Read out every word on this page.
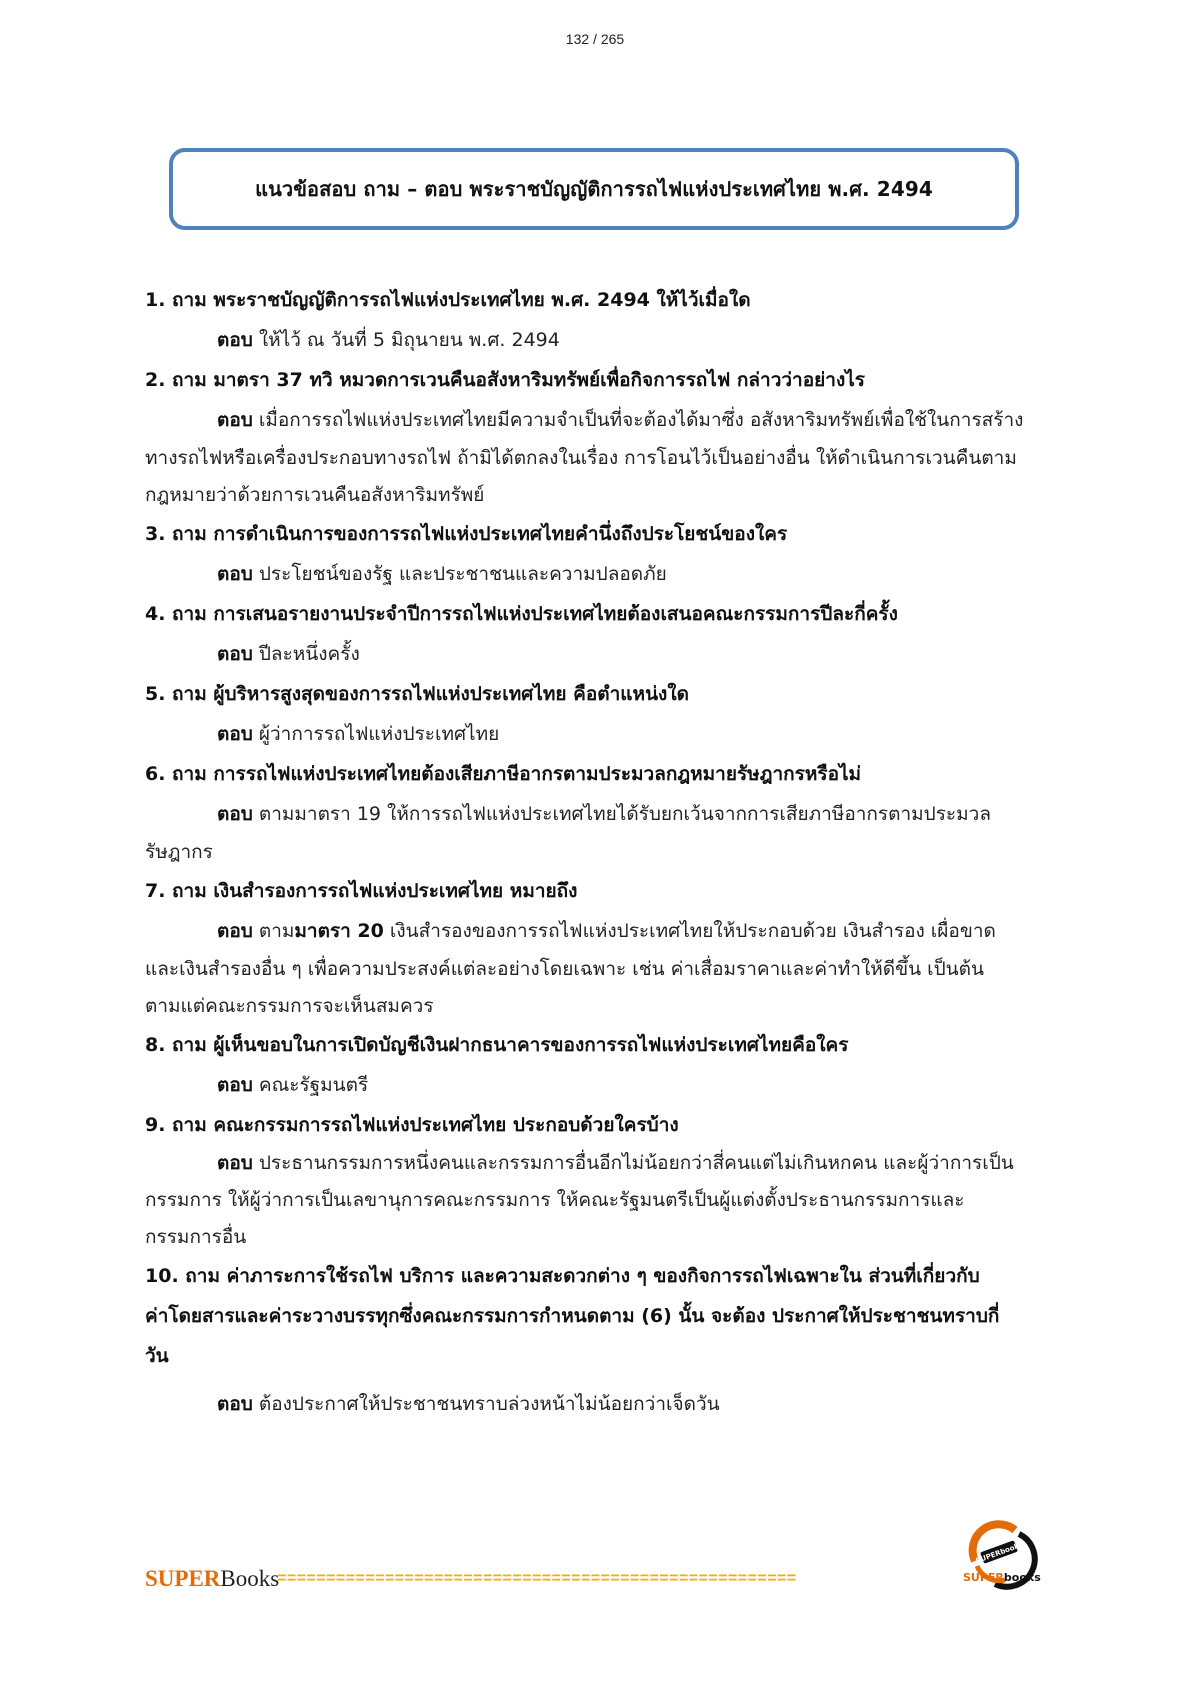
132 / 265
แนวข้อสอบ ถาม – ตอบ พระราชบัญญัติการรถไฟแห่งประเทศไทย พ.ศ. 2494

1. ถาม พระราชบัญญัติการรถไฟแห่งประเทศไทย พ.ศ. 2494 ให้ไว้เมื่อใด

ตอบ ให้ไว้ ณ วันที่ 5 มิถุนายน พ.ศ. 2494

2. ถาม มาตรา 37 ทวิ หมวดการเวนคืนอสังหาริมทรัพย์เพื่อกิจการรถไฟ กล่าวว่าอย่างไร

ตอบ เมื่อการรถไฟแห่งประเทศไทยมีความจำเป็นที่จะต้องได้มาซึ่ง อสังหาริมทรัพย์เพื่อใช้ในการสร้าง

ทางรถไฟหรือเครื่องประกอบทางรถไฟ ถ้ามิได้ตกลงในเรื่อง การโอนไว้เป็นอย่างอื่น ให้ดำเนินการเวนคืนตาม

กฎหมายว่าด้วยการเวนคืนอสังหาริมทรัพย์

3. ถาม การดำเนินการของการรถไฟแห่งประเทศไทยคำนึ่งถึงประโยชน์ของใคร

ตอบ ประโยชน์ของรัฐ และประชาชนและความปลอดภัย

4. ถาม การเสนอรายงานประจำปีการรถไฟแห่งประเทศไทยต้องเสนอคณะกรรมการปีละกี่ครั้ง

ตอบ ปีละหนึ่งครั้ง

5. ถาม ผู้บริหารสูงสุดของการรถไฟแห่งประเทศไทย คือตำแหน่งใด

ตอบ ผู้ว่าการรถไฟแห่งประเทศไทย

6. ถาม การรถไฟแห่งประเทศไทยต้องเสียภาษีอากรตามประมวลกฎหมายรัษฎากรหรือไม่

ตอบ ตามมาตรา 19 ให้การรถไฟแห่งประเทศไทยได้รับยกเว้นจากการเสียภาษีอากรตามประมวล

รัษฎากร

7. ถาม เงินสำรองการรถไฟแห่งประเทศไทย หมายถึง

ตอบ ตามมาตรา 20 เงินสำรองของการรถไฟแห่งประเทศไทยให้ประกอบด้วย เงินสำรอง เผื่อขาด

และเงินสำรองอื่น ๆ เพื่อความประสงค์แต่ละอย่างโดยเฉพาะ เช่น ค่าเสื่อมราคาและค่าทำให้ดีขึ้น เป็นต้น

ตามแต่คณะกรรมการจะเห็นสมควร

8. ถาม ผู้เห็นขอบในการเปิดบัญชีเงินฝากธนาคารของการรถไฟแห่งประเทศไทยคือใคร

ตอบ คณะรัฐมนตรี

9. ถาม คณะกรรมการรถไฟแห่งประเทศไทย ประกอบด้วยใครบ้าง

ตอบ ประธานกรรมการหนึ่งคนและกรรมการอื่นอีกไม่น้อยกว่าสี่คนแต่ไม่เกินหกคน และผู้ว่าการเป็น

กรรมการ ให้ผู้ว่าการเป็นเลขานุการคณะกรรมการ ให้คณะรัฐมนตรีเป็นผู้แต่งตั้งประธานกรรมการและ

กรรมการอื่น

10. ถาม ค่าภาระการใช้รถไฟ บริการ และความสะดวกต่าง ๆ ของกิจการรถไฟเฉพาะใน ส่วนที่เกี่ยวกับ

ค่าโดยสารและค่าระวางบรรทุกซึ่งคณะกรรมการกำหนดตาม (6) นั้น จะต้อง ประกาศให้ประชาชนทราบกี่

วัน

ตอบ ต้องประกาศให้ประชาชนทราบล่วงหน้าไม่น้อยกว่าเจ็ดวัน

SUPERBooks
=====================================================
SUPERbooks
SUPERbooks
